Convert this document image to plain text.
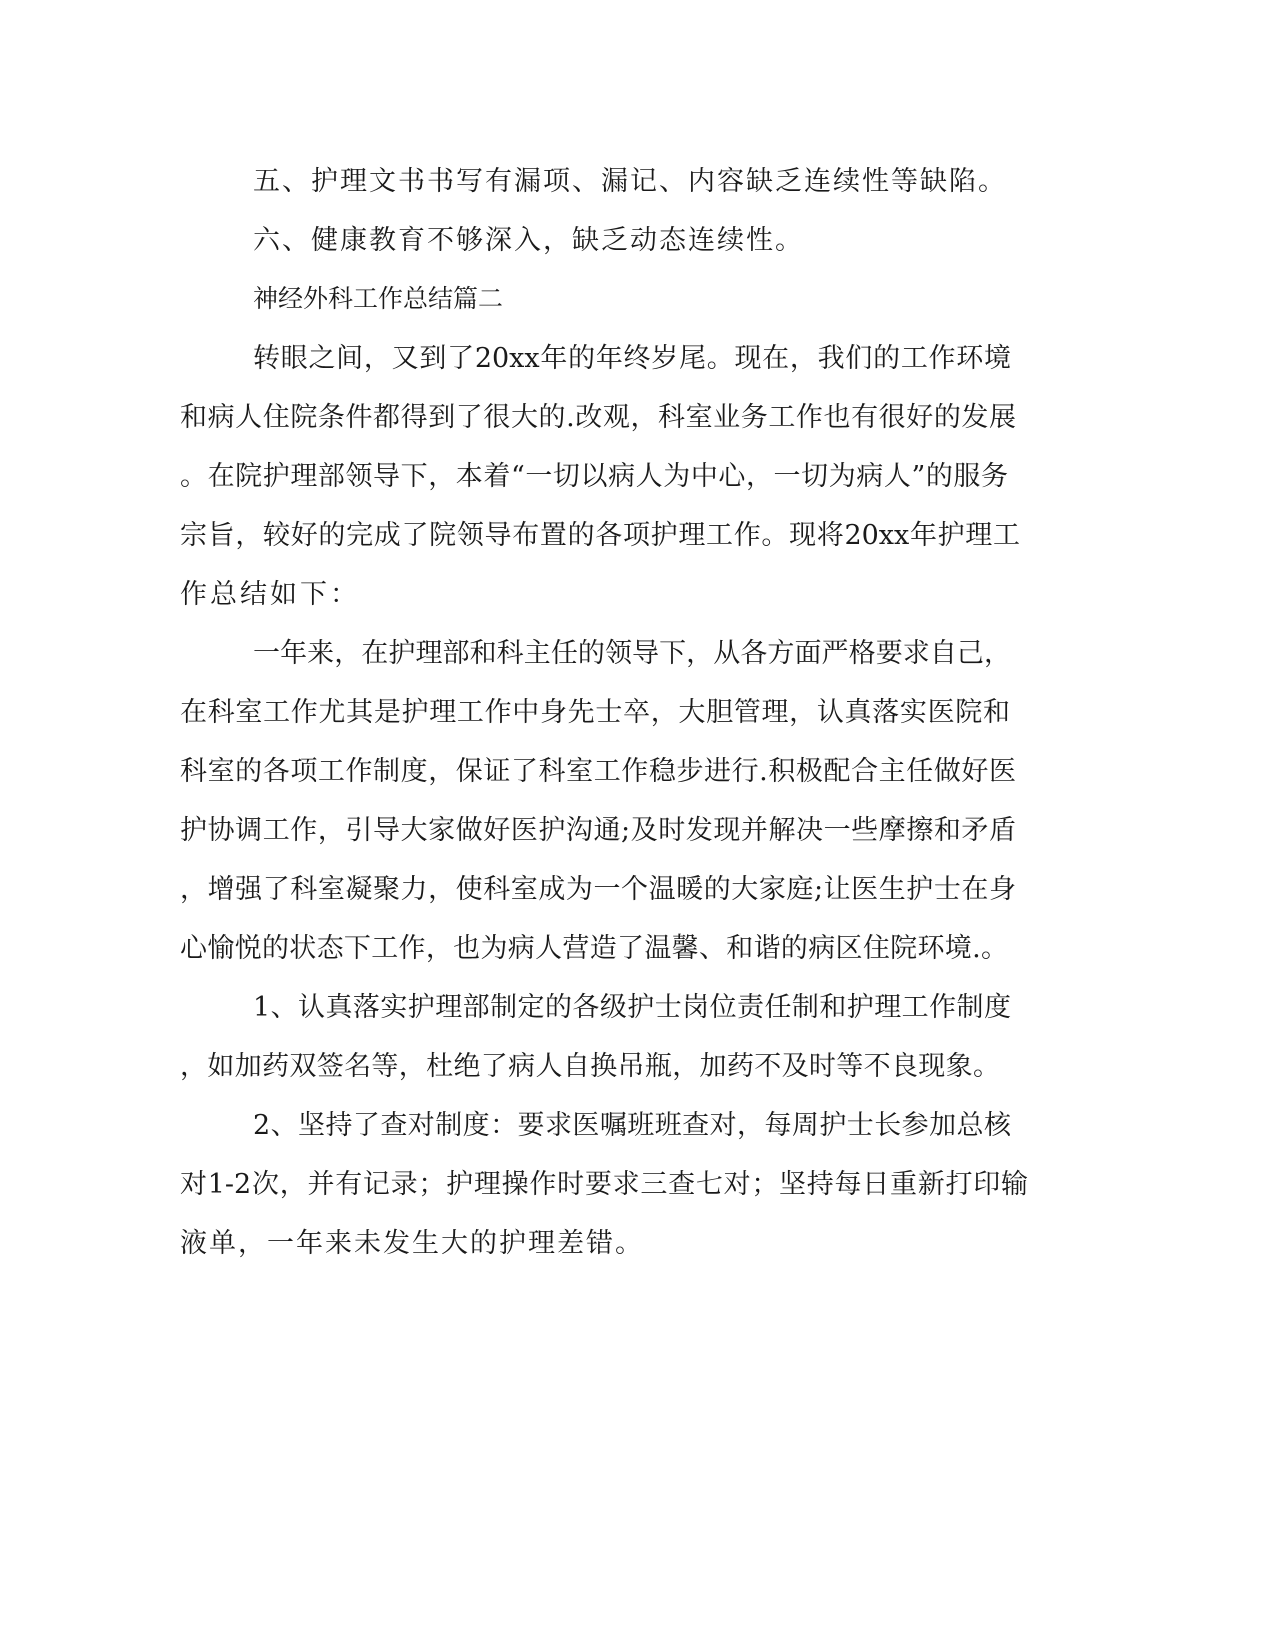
五、护理文书书写有漏项、漏记、内容缺乏连续性等缺陷。
六、健康教育不够深入，缺乏动态连续性。
神经外科工作总结篇二
转眼之间，又到了20xx年的年终岁尾。现在，我们的工作环境
和病人住院条件都得到了很大的.改观，科室业务工作也有很好的发展
。在院护理部领导下，本着“一切以病人为中心，一切为病人”的服务
宗旨，较好的完成了院领导布置的各项护理工作。现将20xx年护理工
作总结如下：
一年来，在护理部和科主任的领导下，从各方面严格要求自己，
在科室工作尤其是护理工作中身先士卒，大胆管理，认真落实医院和
科室的各项工作制度，保证了科室工作稳步进行.积极配合主任做好医
护协调工作，引导大家做好医护沟通;及时发现并解决一些摩擦和矛盾
，增强了科室凝聚力，使科室成为一个温暖的大家庭;让医生护士在身
心愉悦的状态下工作，也为病人营造了温馨、和谐的病区住院环境.。
1、认真落实护理部制定的各级护士岗位责任制和护理工作制度
，如加药双签名等，杜绝了病人自换吊瓶，加药不及时等不良现象。
2、坚持了查对制度：要求医嘱班班查对，每周护士长参加总核
对1-2次，并有记录；护理操作时要求三查七对；坚持每日重新打印输
液单，一年来未发生大的护理差错。
